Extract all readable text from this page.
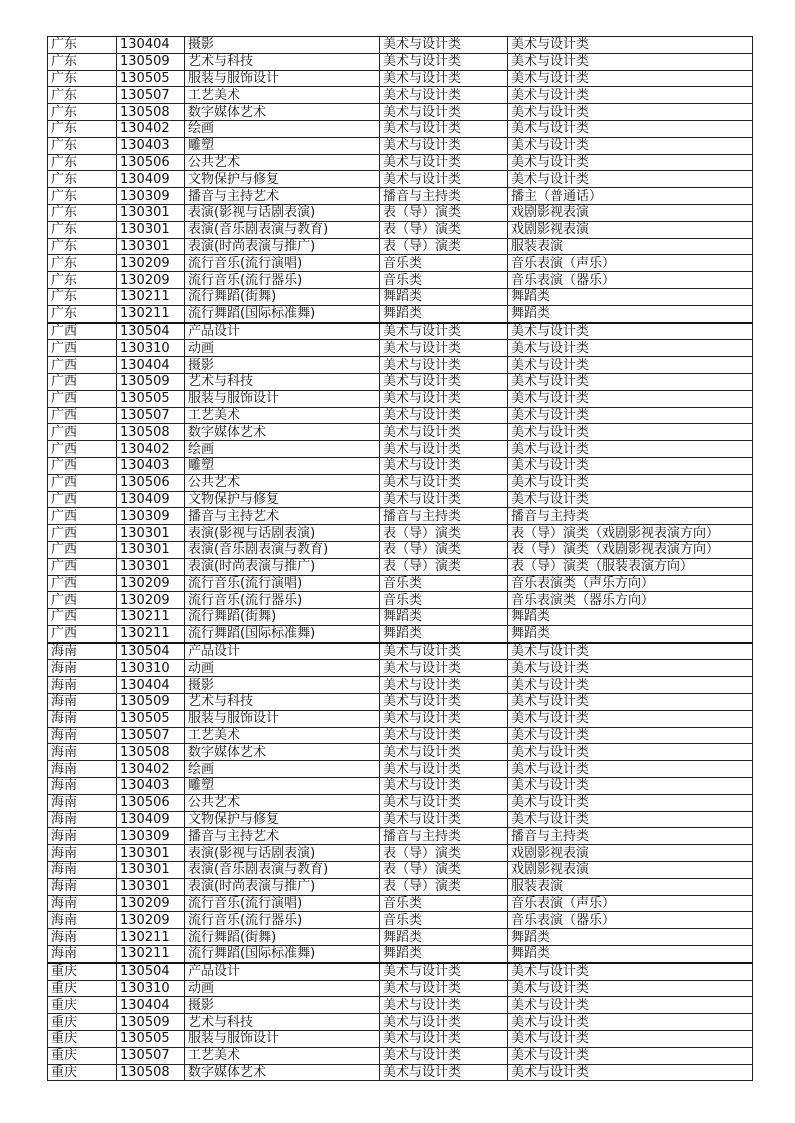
广东	130404	摄影	美术与设计类	美术与设计类
广东	130509	艺术与科技	美术与设计类	美术与设计类
广东	130505	服装与服饰设计	美术与设计类	美术与设计类
广东	130507	工艺美术	美术与设计类	美术与设计类
广东	130508	数字媒体艺术	美术与设计类	美术与设计类
广东	130402	绘画	美术与设计类	美术与设计类
广东	130403	雕塑	美术与设计类	美术与设计类
广东	130506	公共艺术	美术与设计类	美术与设计类
广东	130409	文物保护与修复	美术与设计类	美术与设计类
广东	130309	播音与主持艺术	播音与主持类	播主（普通话）
广东	130301	表演(影视与话剧表演)	表（导）演类	戏剧影视表演
广东	130301	表演(音乐剧表演与教育)	表（导）演类	戏剧影视表演
广东	130301	表演(时尚表演与推广)	表（导）演类	服装表演
广东	130209	流行音乐(流行演唱)	音乐类	音乐表演（声乐）
广东	130209	流行音乐(流行器乐)	音乐类	音乐表演（器乐）
广东	130211	流行舞蹈(街舞)	舞蹈类	舞蹈类
广东	130211	流行舞蹈(国际标准舞)	舞蹈类	舞蹈类
广西	130504	产品设计	美术与设计类	美术与设计类
广西	130310	动画	美术与设计类	美术与设计类
广西	130404	摄影	美术与设计类	美术与设计类
广西	130509	艺术与科技	美术与设计类	美术与设计类
广西	130505	服装与服饰设计	美术与设计类	美术与设计类
广西	130507	工艺美术	美术与设计类	美术与设计类
广西	130508	数字媒体艺术	美术与设计类	美术与设计类
广西	130402	绘画	美术与设计类	美术与设计类
广西	130403	雕塑	美术与设计类	美术与设计类
广西	130506	公共艺术	美术与设计类	美术与设计类
广西	130409	文物保护与修复	美术与设计类	美术与设计类
广西	130309	播音与主持艺术	播音与主持类	播音与主持类
广西	130301	表演(影视与话剧表演)	表（导）演类	表（导）演类（戏剧影视表演方向）
广西	130301	表演(音乐剧表演与教育)	表（导）演类	表（导）演类（戏剧影视表演方向）
广西	130301	表演(时尚表演与推广)	表（导）演类	表（导）演类（服装表演方向）
广西	130209	流行音乐(流行演唱)	音乐类	音乐表演类（声乐方向）
广西	130209	流行音乐(流行器乐)	音乐类	音乐表演类（器乐方向）
广西	130211	流行舞蹈(街舞)	舞蹈类	舞蹈类
广西	130211	流行舞蹈(国际标准舞)	舞蹈类	舞蹈类
海南	130504	产品设计	美术与设计类	美术与设计类
海南	130310	动画	美术与设计类	美术与设计类
海南	130404	摄影	美术与设计类	美术与设计类
海南	130509	艺术与科技	美术与设计类	美术与设计类
海南	130505	服装与服饰设计	美术与设计类	美术与设计类
海南	130507	工艺美术	美术与设计类	美术与设计类
海南	130508	数字媒体艺术	美术与设计类	美术与设计类
海南	130402	绘画	美术与设计类	美术与设计类
海南	130403	雕塑	美术与设计类	美术与设计类
海南	130506	公共艺术	美术与设计类	美术与设计类
海南	130409	文物保护与修复	美术与设计类	美术与设计类
海南	130309	播音与主持艺术	播音与主持类	播音与主持类
海南	130301	表演(影视与话剧表演)	表（导）演类	戏剧影视表演
海南	130301	表演(音乐剧表演与教育)	表（导）演类	戏剧影视表演
海南	130301	表演(时尚表演与推广)	表（导）演类	服装表演
海南	130209	流行音乐(流行演唱)	音乐类	音乐表演（声乐）
海南	130209	流行音乐(流行器乐)	音乐类	音乐表演（器乐）
海南	130211	流行舞蹈(街舞)	舞蹈类	舞蹈类
海南	130211	流行舞蹈(国际标准舞)	舞蹈类	舞蹈类
重庆	130504	产品设计	美术与设计类	美术与设计类
重庆	130310	动画	美术与设计类	美术与设计类
重庆	130404	摄影	美术与设计类	美术与设计类
重庆	130509	艺术与科技	美术与设计类	美术与设计类
重庆	130505	服装与服饰设计	美术与设计类	美术与设计类
重庆	130507	工艺美术	美术与设计类	美术与设计类
重庆	130508	数字媒体艺术	美术与设计类	美术与设计类
